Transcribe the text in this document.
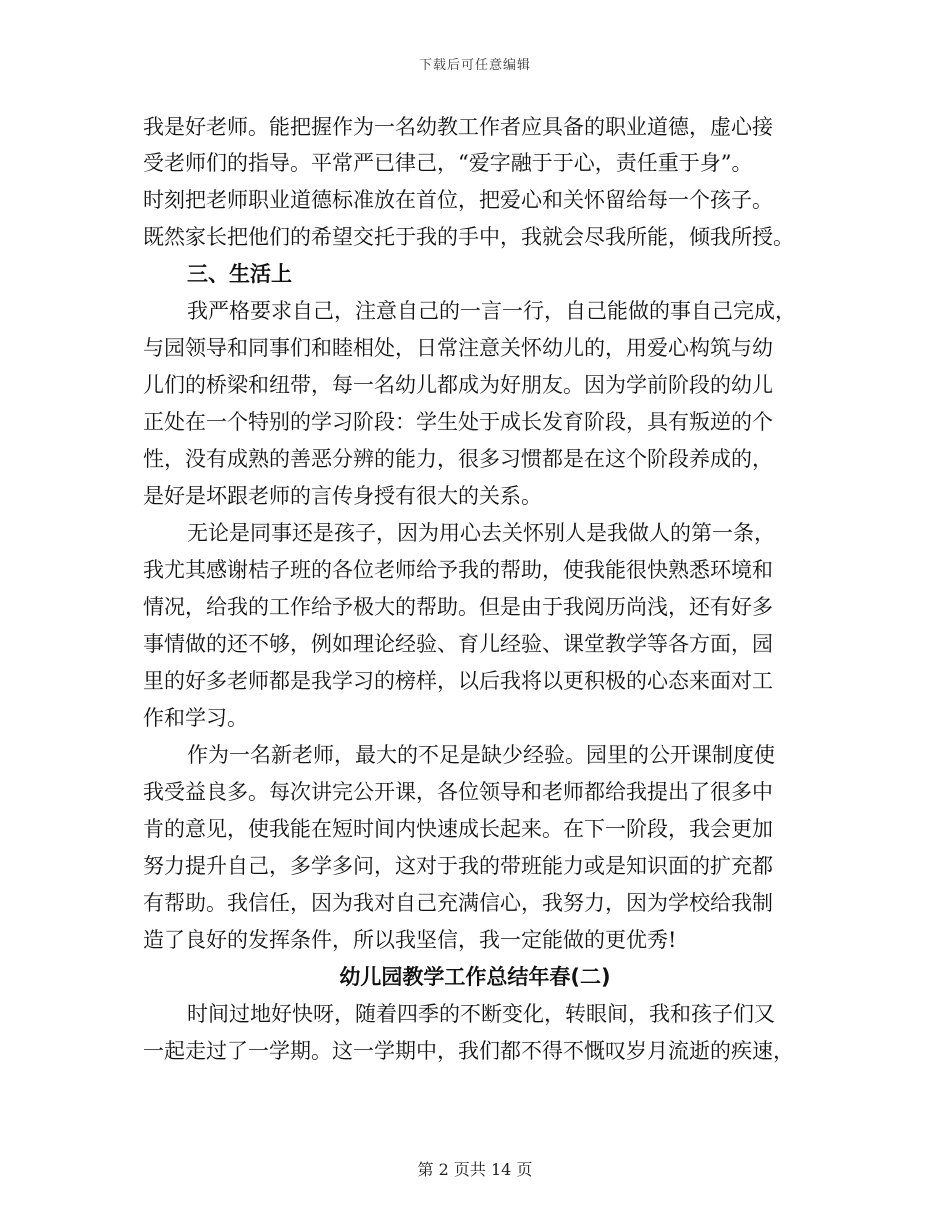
下载后可任意编辑
我是好老师。能把握作为一名幼教工作者应具备的职业道德，虚心接
受老师们的指导。平常严已律己，“爱字融于于心，责任重于身”。
时刻把老师职业道德标准放在首位，把爱心和关怀留给每一个孩子。
既然家长把他们的希望交托于我的手中，我就会尽我所能，倾我所授。
三、生活上
我严格要求自己，注意自己的一言一行，自己能做的事自己完成，
与园领导和同事们和睦相处，日常注意关怀幼儿的，用爱心构筑与幼
儿们的桥梁和纽带，每一名幼儿都成为好朋友。因为学前阶段的幼儿
正处在一个特别的学习阶段：学生处于成长发育阶段，具有叛逆的个
性，没有成熟的善恶分辨的能力，很多习惯都是在这个阶段养成的，
是好是坏跟老师的言传身授有很大的关系。
无论是同事还是孩子，因为用心去关怀别人是我做人的第一条，
我尤其感谢桔子班的各位老师给予我的帮助，使我能很快熟悉环境和
情况，给我的工作给予极大的帮助。但是由于我阅历尚浅，还有好多
事情做的还不够，例如理论经验、育儿经验、课堂教学等各方面，园
里的好多老师都是我学习的榜样，以后我将以更积极的心态来面对工
作和学习。
作为一名新老师，最大的不足是缺少经验。园里的公开课制度使
我受益良多。每次讲完公开课，各位领导和老师都给我提出了很多中
肯的意见，使我能在短时间内快速成长起来。在下一阶段，我会更加
努力提升自己，多学多问，这对于我的带班能力或是知识面的扩充都
有帮助。我信任，因为我对自己充满信心，我努力，因为学校给我制
造了良好的发挥条件，所以我坚信，我一定能做的更优秀!
幼儿园教学工作总结年春(二)
时间过地好快呀，随着四季的不断变化，转眼间，我和孩子们又
一起走过了一学期。这一学期中，我们都不得不慨叹岁月流逝的疾速，
第 2 页共 14 页
